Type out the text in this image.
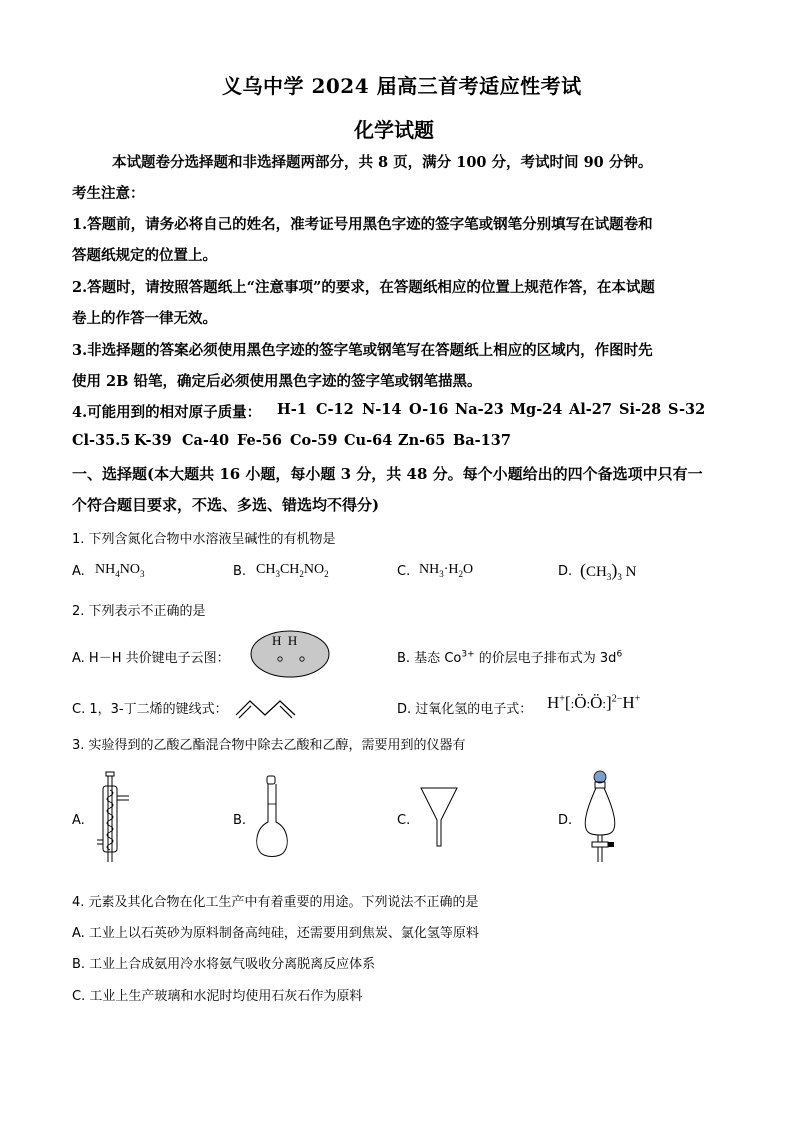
义乌中学 2024 届高三首考适应性考试
化学试题
本试题卷分选择题和非选择题两部分，共 8 页，满分 100 分，考试时间 90 分钟。
考生注意：
1.答题前，请务必将自己的姓名，准考证号用黑色字迹的签字笔或钢笔分别填写在试题卷和
答题纸规定的位置上。
2.答题时，请按照答题纸上“注意事项”的要求，在答题纸相应的位置上规范作答，在本试题
卷上的作答一律无效。
3.非选择题的答案必须使用黑色字迹的签字笔或钢笔写在答题纸上相应的区域内，作图时先
使用 2B 铅笔，确定后必须使用黑色字迹的签字笔或钢笔描黑。
4.可能用到的相对原子质量： H-1 C-12 N-14 O-16 Na-23 Mg-24 Al-27 Si-28 S-32
Cl-35.5 K-39 Ca-40 Fe-56 Co-59 Cu-64 Zn-65 Ba-137
一、选择题(本大题共 16 小题，每小题 3 分，共 48 分。每个小题给出的四个备选项中只有一
个符合题目要求，不选、多选、错选均不得分)
1. 下列含氮化合物中水溶液呈碱性的有机物是
A. $NH_4NO_3$	B. $CH_3CH_2NO_2$	C. $NH_3\cdot H_2O$	D. $(CH_3)_3$ N
2. 下列表示不正确的是
A. H－H 共价键电子云图：
H  H
B. 基态 $Co^{3+}$ 的价层电子排布式为 $3d^6$
C. 1，3-丁二烯的键线式：	D. 过氧化氢的电子式： H+[:Ö:Ö:]$^{2-}$H+
3. 实验得到的乙酸乙酯混合物中除去乙酸和乙醇，需要用到的仪器有
A.	B.	C.	D.
4. 元素及其化合物在化工生产中有着重要的用途。下列说法不正确的是
A. 工业上以石英砂为原料制备高纯硅，还需要用到焦炭、氯化氢等原料
B. 工业上合成氨用冷水将氨气吸收分离脱离反应体系
C. 工业上生产玻璃和水泥时均使用石灰石作为原料
